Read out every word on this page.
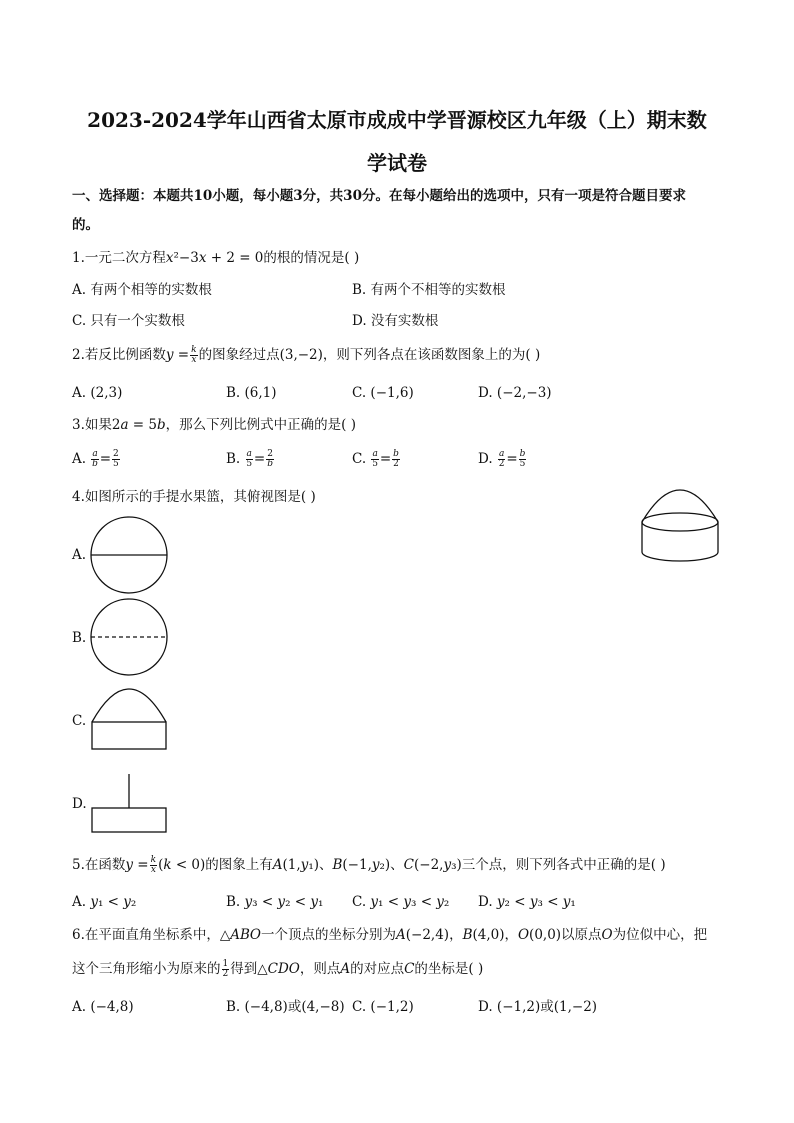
2023-2024学年山西省太原市成成中学晋源校区九年级（上）期末数
学试卷
一、选择题：本题共10小题，每小题3分，共30分。在每小题给出的选项中，只有一项是符合题目要求
的。
1.一元二次方程𝑥²−3𝑥 + 2 = 0的根的情况是( )
A. 有两个相等的实数根	B. 有两个不相等的实数根
C. 只有一个实数根	D. 没有实数根
2.若反比例函数𝑦 = $\frac{\text{𝑘}}{\text{𝑥}}$ 的图象经过点(3,−2)，则下列各点在该函数图象上的为( )
A. (2,3)	B. (6,1)	C. (−1,6)	D. (−2,−3)
3.如果2𝑎 = 5𝑏，那么下列比例式中正确的是( )
A. $\frac{\text{𝑎}}{\text{𝑏}} = \frac{2}{5}$	B. $\frac{\text{𝑎}}{5} = \frac{2}{\text{𝑏}}$	C. $\frac{\text{𝑎}}{5} = \frac{\text{𝑏}}{2}$	D. $\frac{\text{𝑎}}{2} = \frac{\text{𝑏}}{5}$
4.如图所示的手提水果篮，其俯视图是( )
A.
B.
C.
D.
5.在函数𝑦 = $\frac{\text{𝑘}}{\text{𝑥}}$ (𝑘 < 0)的图象上有𝐴(1,𝑦₁)、𝐵(−1,𝑦₂)、𝐶(−2,𝑦₃)三个点，则下列各式中正确的是( )
A. 𝑦₁ < 𝑦₂	B. 𝑦₃ < 𝑦₂ < 𝑦₁ C. 𝑦₁ < 𝑦₃ < 𝑦₂ D. 𝑦₂ < 𝑦₃ < 𝑦₁
6.在平面直角坐标系中，△𝐴𝐵𝑂一个顶点的坐标分别为𝐴(−2,4)，𝐵(4,0)，𝑂(0,0)以原点𝑂为位似中心，把
这个三角形缩小为原来的 $\frac{1}{2}$ 得到△𝐶𝐷𝑂，则点𝐴的对应点𝐶的坐标是( )
A. (−4,8)	B. (−4,8)或(4,−8) C. (−1,2)	D. (−1,2)或(1,−2)
